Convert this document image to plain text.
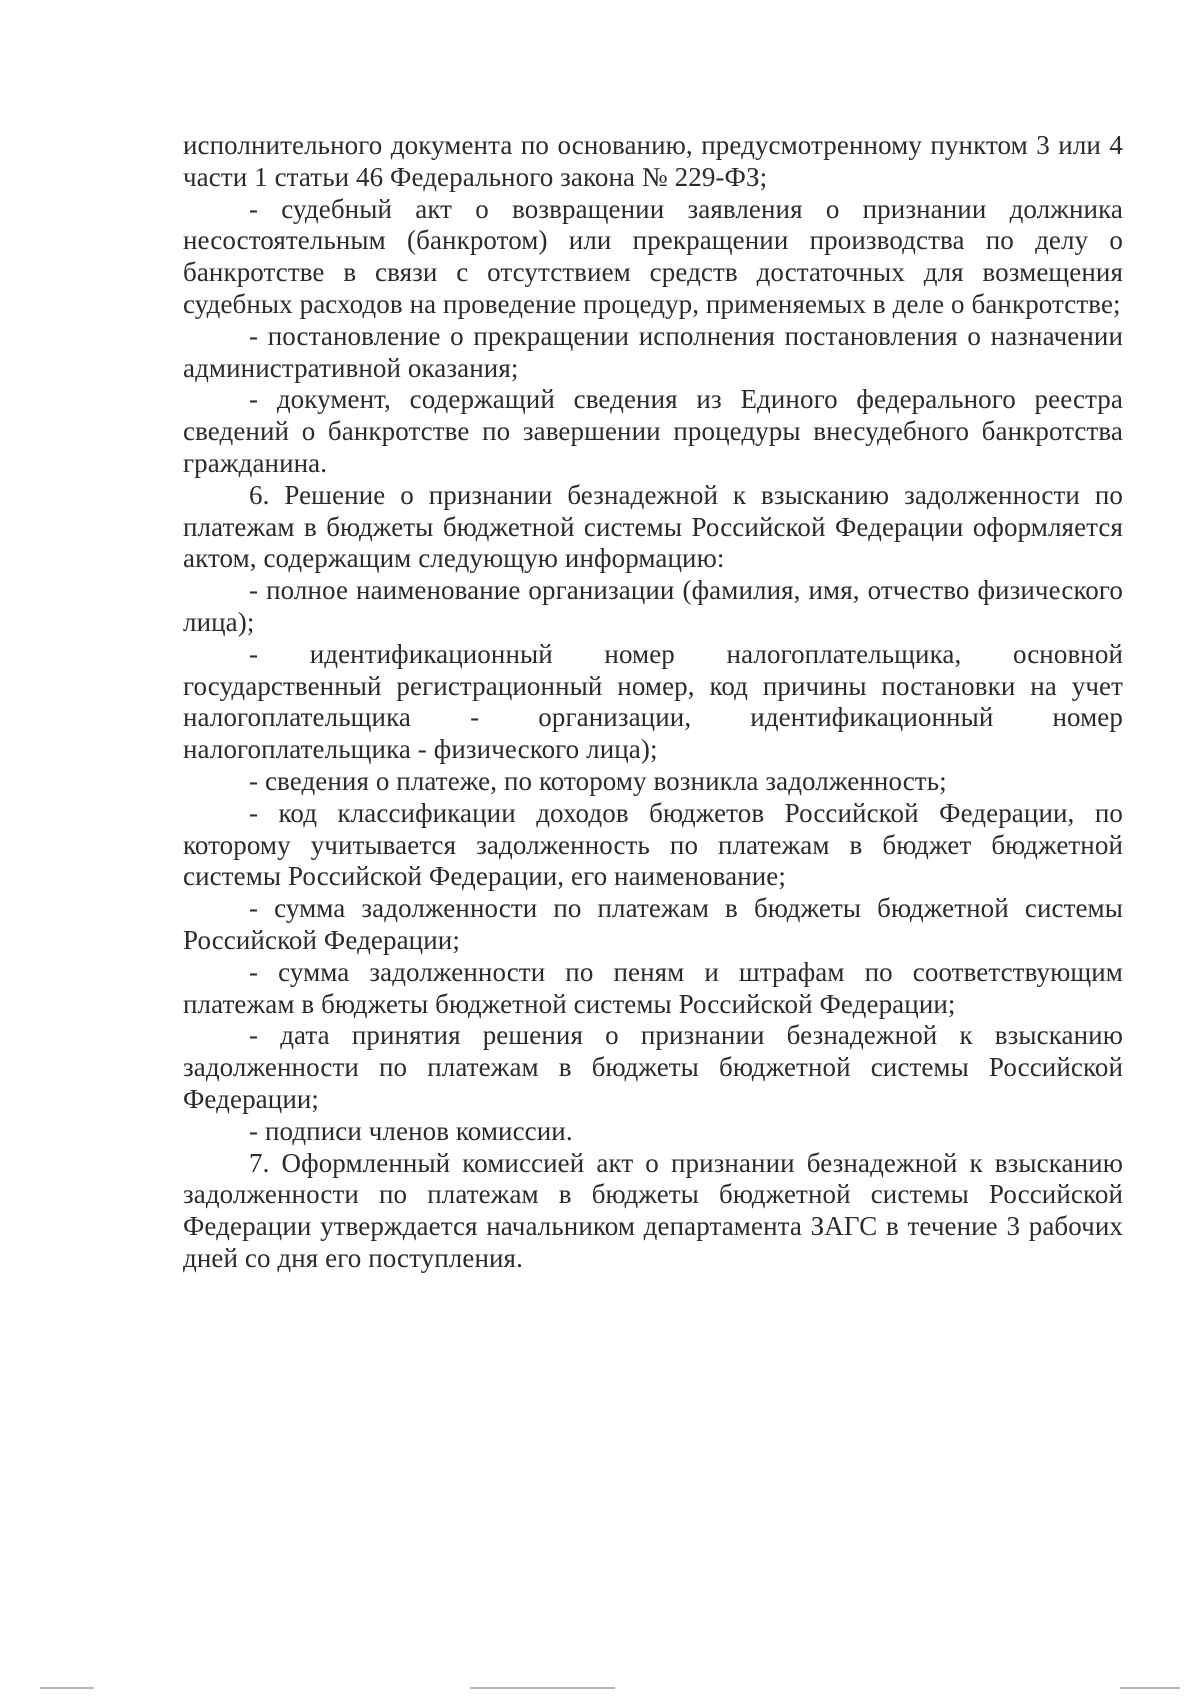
исполнительного документа по основанию, предусмотренному пунктом 3 или 4 части 1 статьи 46 Федерального закона № 229-ФЗ;

- судебный акт о возвращении заявления о признании должника несостоятельным (банкротом) или прекращении производства по делу о банкротстве в связи с отсутствием средств достаточных для возмещения судебных расходов на проведение процедур, применяемых в деле о банкротстве;

- постановление о прекращении исполнения постановления о назначении административной оказания;

- документ, содержащий сведения из Единого федерального реестра сведений о банкротстве по завершении процедуры внесудебного банкротства гражданина.

6. Решение о признании безнадежной к взысканию задолженности по платежам в бюджеты бюджетной системы Российской Федерации оформляется актом, содержащим следующую информацию:

- полное наименование организации (фамилия, имя, отчество физического лица);

- идентификационный номер налогоплательщика, основной государственный регистрационный номер, код причины постановки на учет налогоплательщика - организации, идентификационный номер налогоплательщика - физического лица);

- сведения о платеже, по которому возникла задолженность;

- код классификации доходов бюджетов Российской Федерации, по которому учитывается задолженность по платежам в бюджет бюджетной системы Российской Федерации, его наименование;

- сумма задолженности по платежам в бюджеты бюджетной системы Российской Федерации;

- сумма задолженности по пеням и штрафам по соответствующим платежам в бюджеты бюджетной системы Российской Федерации;

- дата принятия решения о признании безнадежной к взысканию задолженности по платежам в бюджеты бюджетной системы Российской Федерации;

- подписи членов комиссии.

7. Оформленный комиссией акт о признании безнадежной к взысканию задолженности по платежам в бюджеты бюджетной системы Российской Федерации утверждается начальником департамента ЗАГС в течение 3 рабочих дней со дня его поступления.
